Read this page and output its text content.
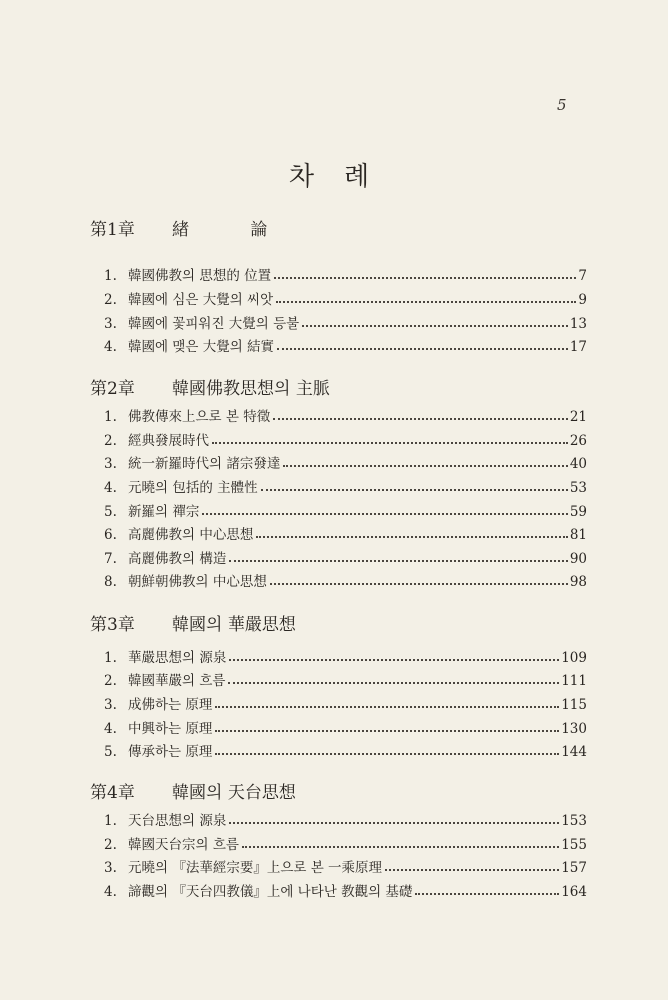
5
차례
第1章 緖 論
1. 韓國佛教의 思想的 位置	7
2. 韓國에 심은 大覺의 씨앗	9
3. 韓國에 꽃피워진 大覺의 등불	13
4. 韓國에 맺은 大覺의 結實	17
第2章 韓國佛教思想의 主脈
1. 佛教傳來上으로 본 特徵	21
2. 經典發展時代	26
3. 統一新羅時代의 諸宗發達	40
4. 元曉의 包括的 主體性	53
5. 新羅의 禪宗	59
6. 高麗佛教의 中心思想	81
7. 高麗佛教의 構造	90
8. 朝鮮朝佛教의 中心思想	98
第3章 韓國의 華嚴思想
1. 華嚴思想의 源泉	109
2. 韓國華嚴의 흐름	111
3. 成佛하는 原理	115
4. 中興하는 原理	130
5. 傳承하는 原理	144
第4章 韓國의 天台思想
1. 天台思想의 源泉	153
2. 韓國天台宗의 흐름	155
3. 元曉의 『法華經宗要』上으로 본 一乘原理	157
4. 諦觀의 『天台四教儀』上에 나타난 教觀의 基礎	164
